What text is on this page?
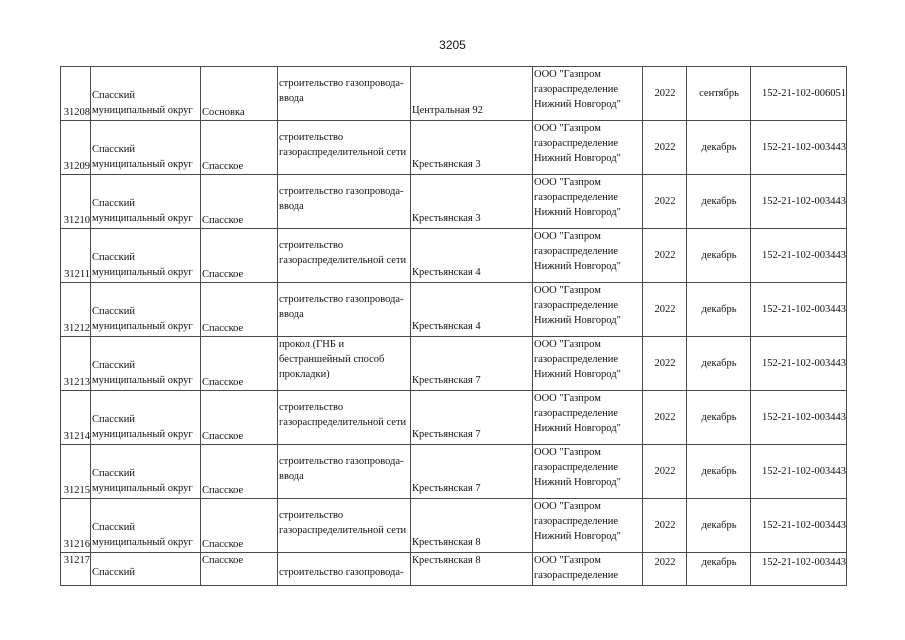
3205
31208	Спасский
муниципальный округ	Сосновка	строительство газопровода-
ввода	Центральная 92	ООО "Газпром
газораспределение
Нижний Новгород"	2022	сентябрь	152-21-102-006051
31209	Спасский
муниципальный округ	Спасское	строительство
газораспределительной сети	Крестьянская 3	ООО "Газпром
газораспределение
Нижний Новгород"	2022	декабрь	152-21-102-003443
31210	Спасский
муниципальный округ	Спасское	строительство газопровода-
ввода	Крестьянская 3	ООО "Газпром
газораспределение
Нижний Новгород"	2022	декабрь	152-21-102-003443
31211	Спасский
муниципальный округ	Спасское	строительство
газораспределительной сети	Крестьянская 4	ООО "Газпром
газораспределение
Нижний Новгород"	2022	декабрь	152-21-102-003443
31212	Спасский
муниципальный округ	Спасское	строительство газопровода-
ввода	Крестьянская 4	ООО "Газпром
газораспределение
Нижний Новгород"	2022	декабрь	152-21-102-003443
31213	Спасский
муниципальный округ	Спасское	прокол (ГНБ и
бестраншейный способ
прокладки)	Крестьянская 7	ООО "Газпром
газораспределение
Нижний Новгород"	2022	декабрь	152-21-102-003443
31214	Спасский
муниципальный округ	Спасское	строительство
газораспределительной сети	Крестьянская 7	ООО "Газпром
газораспределение
Нижний Новгород"	2022	декабрь	152-21-102-003443
31215	Спасский
муниципальный округ	Спасское	строительство газопровода-
ввода	Крестьянская 7	ООО "Газпром
газораспределение
Нижний Новгород"	2022	декабрь	152-21-102-003443
31216	Спасский
муниципальный округ	Спасское	строительство
газораспределительной сети	Крестьянская 8	ООО "Газпром
газораспределение
Нижний Новгород"	2022	декабрь	152-21-102-003443
31217	Спасский	Спасское	строительство газопровода-	Крестьянская 8	ООО "Газпром
газораспределение	2022	декабрь	152-21-102-003443
